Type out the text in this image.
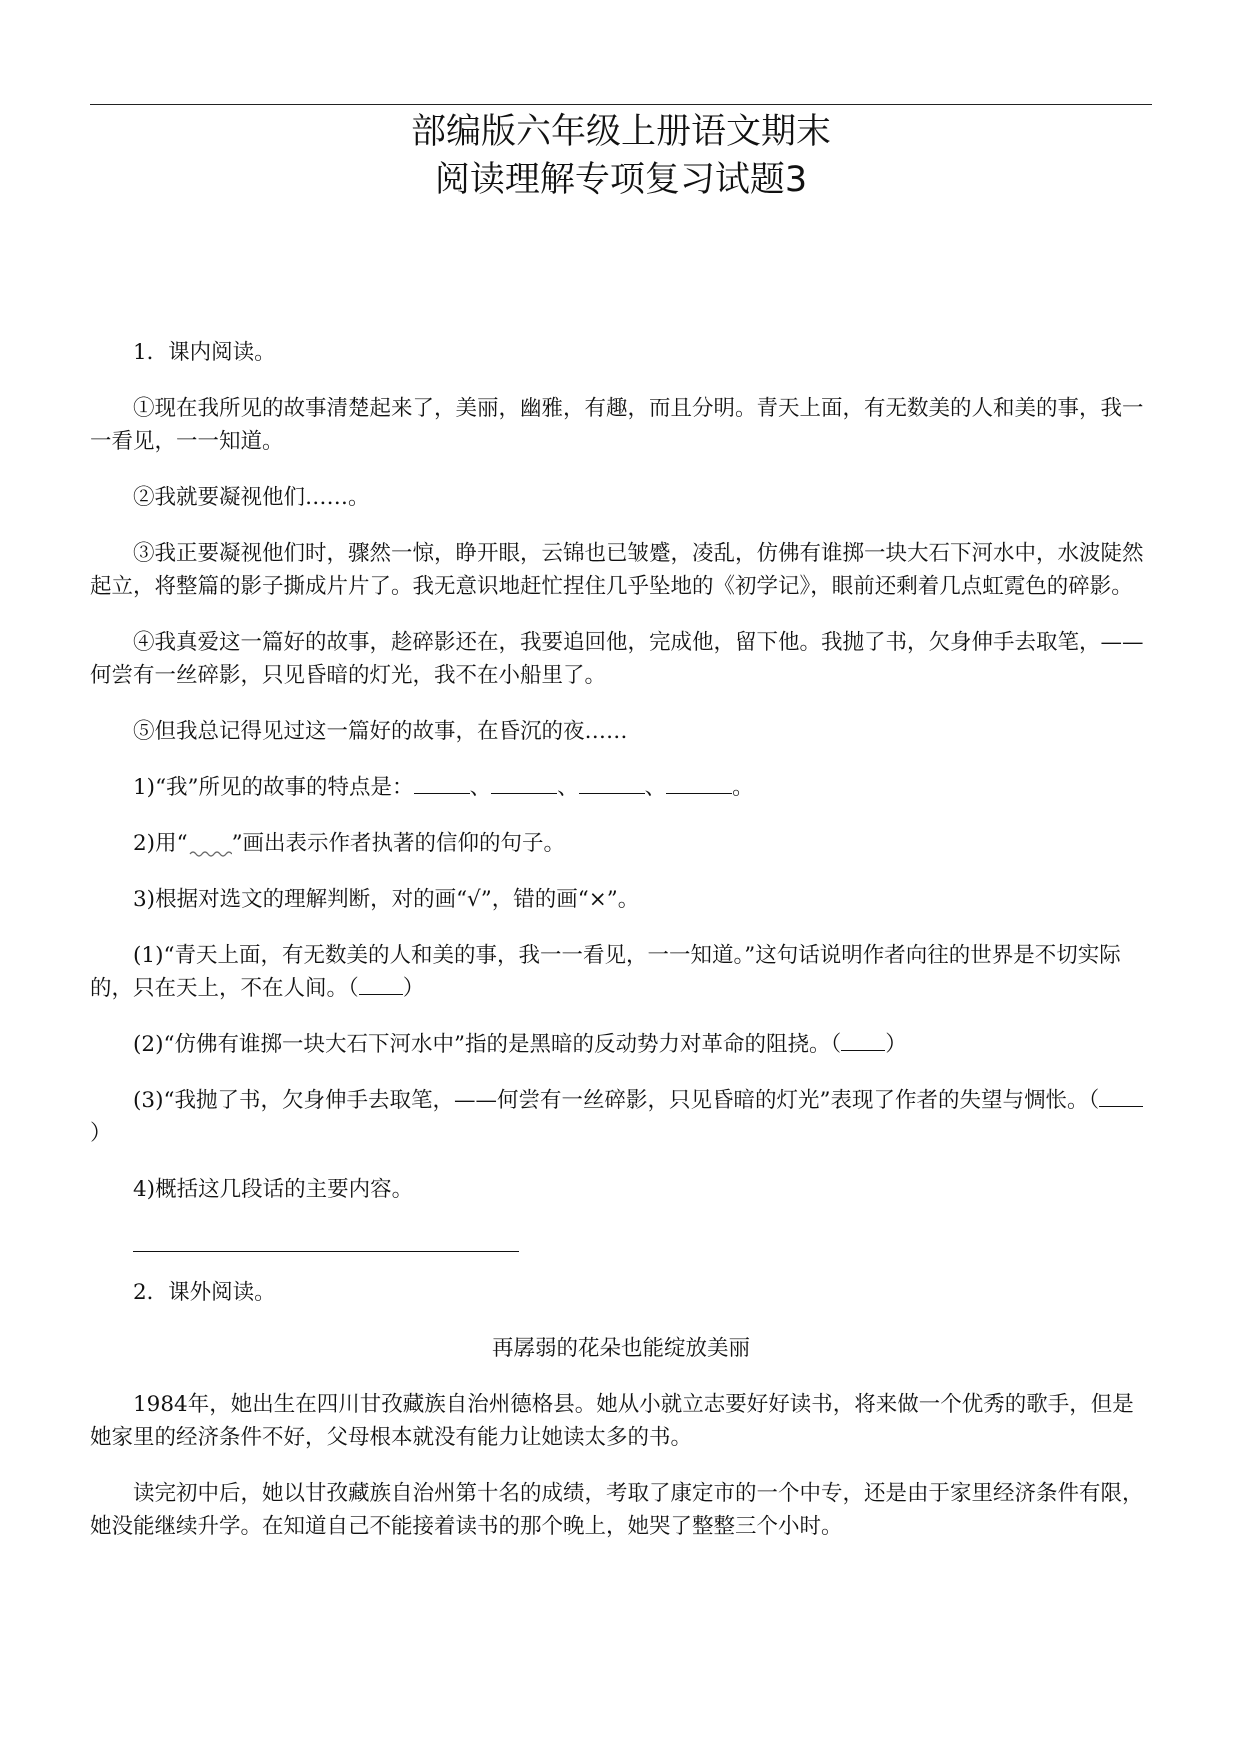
部编版六年级上册语文期末
阅读理解专项复习试题3

1．课内阅读。

①现在我所见的故事清楚起来了，美丽，幽雅，有趣，而且分明。青天上面，有无数美的人和美的事，我一一看见，一一知道。

②我就要凝视他们……。

③我正要凝视他们时，骤然一惊，睁开眼，云锦也已皱蹙，凌乱，仿佛有谁掷一块大石下河水中，水波陡然起立，将整篇的影子撕成片片了。我无意识地赶忙捏住几乎坠地的《初学记》，眼前还剩着几点虹霓色的碎影。

④我真爱这一篇好的故事，趁碎影还在，我要追回他，完成他，留下他。我抛了书，欠身伸手去取笔，——何尝有一丝碎影，只见昏暗的灯光，我不在小船里了。

⑤但我总记得见过这一篇好的故事，在昏沉的夜……

1)“我”所见的故事的特点是：	、	、	、	。

2)用“ ”画出表示作者执著的信仰的句子。

3)根据对选文的理解判断，对的画“√”，错的画“×”。

(1)“青天上面，有无数美的人和美的事，我一一看见，一一知道。”这句话说明作者向往的世界是不切实际的，只在天上，不在人间。（ ）

(2)“仿佛有谁掷一块大石下河水中”指的是黑暗的反动势力对革命的阻挠。（ ）

(3)“我抛了书，欠身伸手去取笔，——何尝有一丝碎影，只见昏暗的灯光”表现了作者的失望与惆怅。（）

4)概括这几段话的主要内容。

2．课外阅读。

再孱弱的花朵也能绽放美丽

1984年，她出生在四川甘孜藏族自治州德格县。她从小就立志要好好读书，将来做一个优秀的歌手，但是她家里的经济条件不好，父母根本就没有能力让她读太多的书。

读完初中后，她以甘孜藏族自治州第十名的成绩，考取了康定市的一个中专，还是由于家里经济条件有限，她没能继续升学。在知道自己不能接着读书的那个晚上，她哭了整整三个小时。
